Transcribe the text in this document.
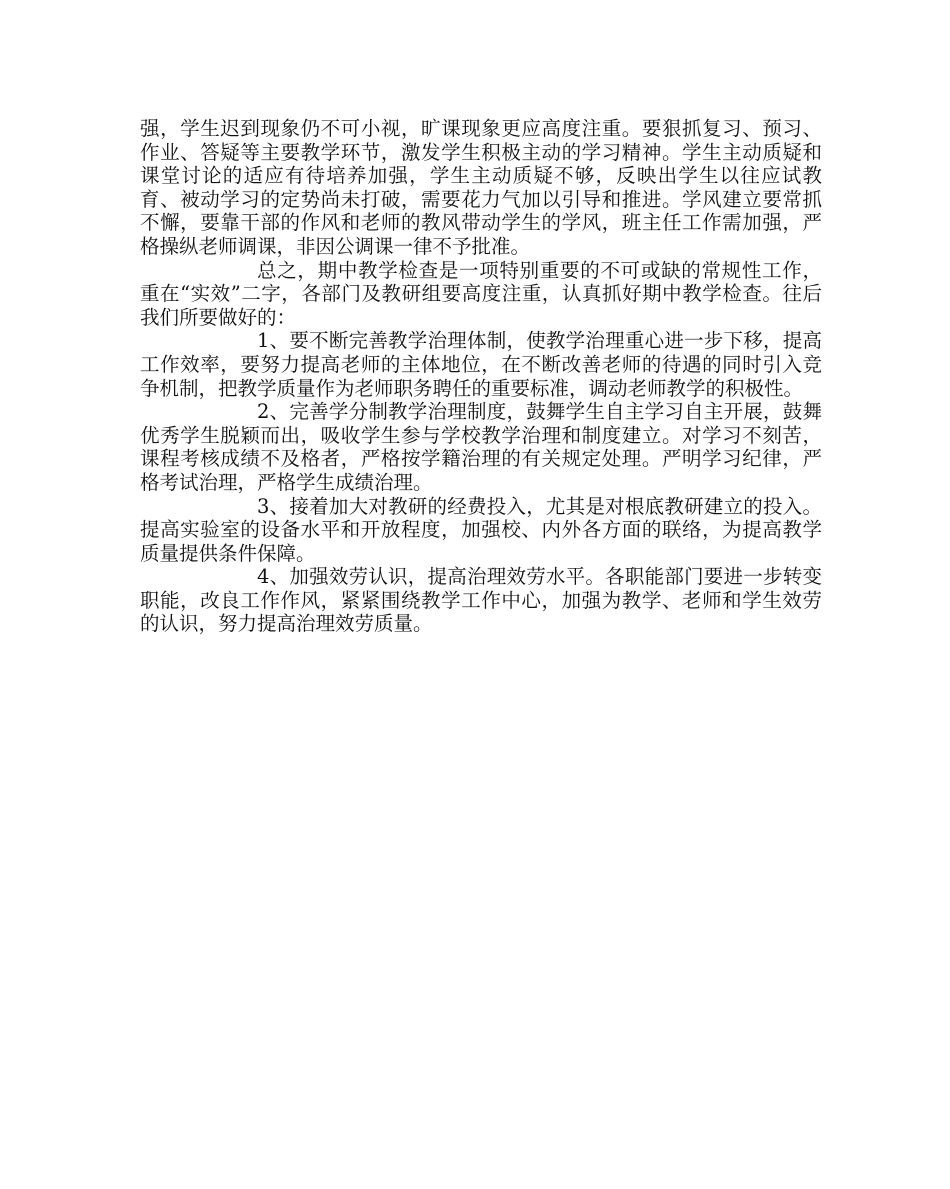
强，学生迟到现象仍不可小视，旷课现象更应高度注重。要狠抓复习、预习、作业、答疑等主要教学环节，激发学生积极主动的学习精神。学生主动质疑和课堂讨论的适应有待培养加强，学生主动质疑不够，反映出学生以往应试教育、被动学习的定势尚未打破，需要花力气加以引导和推进。学风建立要常抓不懈，要靠干部的作风和老师的教风带动学生的学风，班主任工作需加强，严格操纵老师调课，非因公调课一律不予批准。

总之，期中教学检查是一项特别重要的不可或缺的常规性工作，重在“实效”二字，各部门及教研组要高度注重，认真抓好期中教学检查。往后我们所要做好的：

1、要不断完善教学治理体制，使教学治理重心进一步下移，提高工作效率，要努力提高老师的主体地位，在不断改善老师的待遇的同时引入竞争机制，把教学质量作为老师职务聘任的重要标准，调动老师教学的积极性。

2、完善学分制教学治理制度，鼓舞学生自主学习自主开展，鼓舞优秀学生脱颖而出，吸收学生参与学校教学治理和制度建立。对学习不刻苦，课程考核成绩不及格者，严格按学籍治理的有关规定处理。严明学习纪律，严格考试治理，严格学生成绩治理。

3、接着加大对教研的经费投入，尤其是对根底教研建立的投入。提高实验室的设备水平和开放程度，加强校、内外各方面的联络，为提高教学质量提供条件保障。

4、加强效劳认识，提高治理效劳水平。各职能部门要进一步转变职能，改良工作作风，紧紧围绕教学工作中心，加强为教学、老师和学生效劳的认识，努力提高治理效劳质量。
